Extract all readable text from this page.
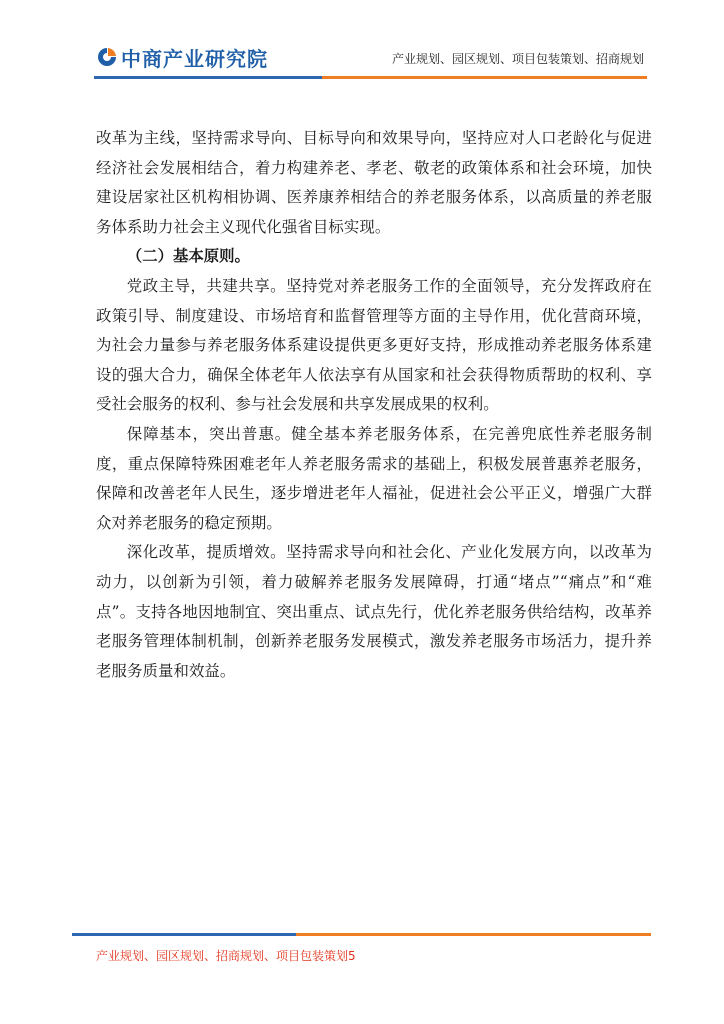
中商产业研究院	产业规划、园区规划、项目包装策划、招商规划

改革为主线，坚持需求导向、目标导向和效果导向，坚持应对人口老龄化与促进经济社会发展相结合，着力构建养老、孝老、敬老的政策体系和社会环境，加快建设居家社区机构相协调、医养康养相结合的养老服务体系，以高质量的养老服务体系助力社会主义现代化强省目标实现。

（二）基本原则。

党政主导，共建共享。坚持党对养老服务工作的全面领导，充分发挥政府在政策引导、制度建设、市场培育和监督管理等方面的主导作用，优化营商环境，为社会力量参与养老服务体系建设提供更多更好支持，形成推动养老服务体系建设的强大合力，确保全体老年人依法享有从国家和社会获得物质帮助的权利、享受社会服务的权利、参与社会发展和共享发展成果的权利。

保障基本，突出普惠。健全基本养老服务体系，在完善兜底性养老服务制度，重点保障特殊困难老年人养老服务需求的基础上，积极发展普惠养老服务，保障和改善老年人民生，逐步增进老年人福祉，促进社会公平正义，增强广大群众对养老服务的稳定预期。

深化改革，提质增效。坚持需求导向和社会化、产业化发展方向，以改革为动力，以创新为引领，着力破解养老服务发展障碍，打通“堵点”“痛点”和“难点”。支持各地因地制宜、突出重点、试点先行，优化养老服务供给结构，改革养老服务管理体制机制，创新养老服务发展模式，激发养老服务市场活力，提升养老服务质量和效益。

产业规划、园区规划、招商规划、项目包装策划5
